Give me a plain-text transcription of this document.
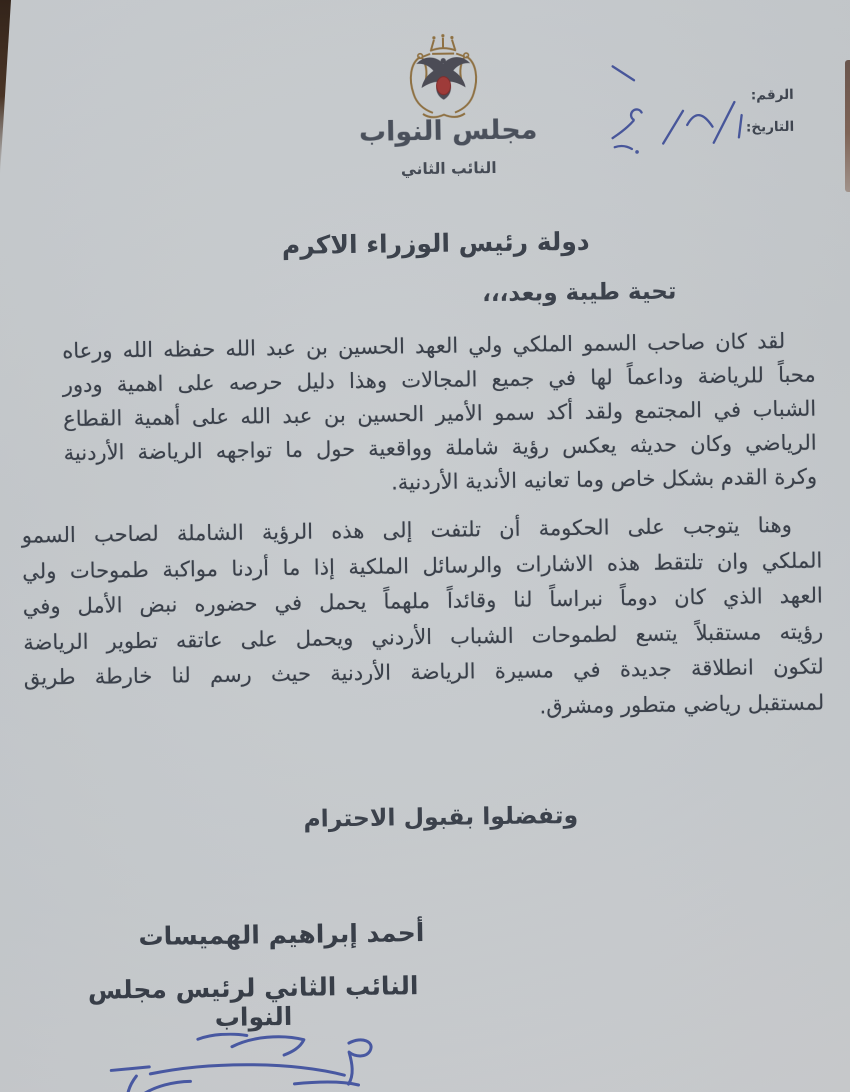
مجلس النواب
النائب الثاني
الرقم:
التاريخ:
دولة رئيس الوزراء الاكرم
تحية طيبة وبعد،،،
لقد كان صاحب السمو الملكي ولي العهد الحسين بن عبد الله حفظه الله ورعاه
محباً للرياضة وداعماً لها في جميع المجالات وهذا دليل حرصه على اهمية ودور
الشباب في المجتمع ولقد أكد سمو الأمير الحسين بن عبد الله على أهمية القطاع
الرياضي وكان حديثه يعكس رؤية شاملة وواقعية حول ما تواجهه الرياضة الأردنية
وكرة القدم بشكل خاص وما تعانيه الأندية الأردنية.
وهنا يتوجب على الحكومة أن تلتفت إلى هذه الرؤية الشاملة لصاحب السمو
الملكي وان تلتقط هذه الاشارات والرسائل الملكية إذا ما أردنا مواكبة طموحات ولي
العهد الذي كان دوماً نبراساً لنا وقائداً ملهماً يحمل في حضوره نبض الأمل وفي
رؤيته مستقبلاً يتسع لطموحات الشباب الأردني ويحمل على عاتقه تطوير الرياضة
لتكون انطلاقة جديدة في مسيرة الرياضة الأردنية حيث رسم لنا خارطة طريق
لمستقبل رياضي متطور ومشرق.
وتفضلوا بقبول الاحترام
أحمد إبراهيم الهميسات
النائب الثاني لرئيس مجلس النواب
